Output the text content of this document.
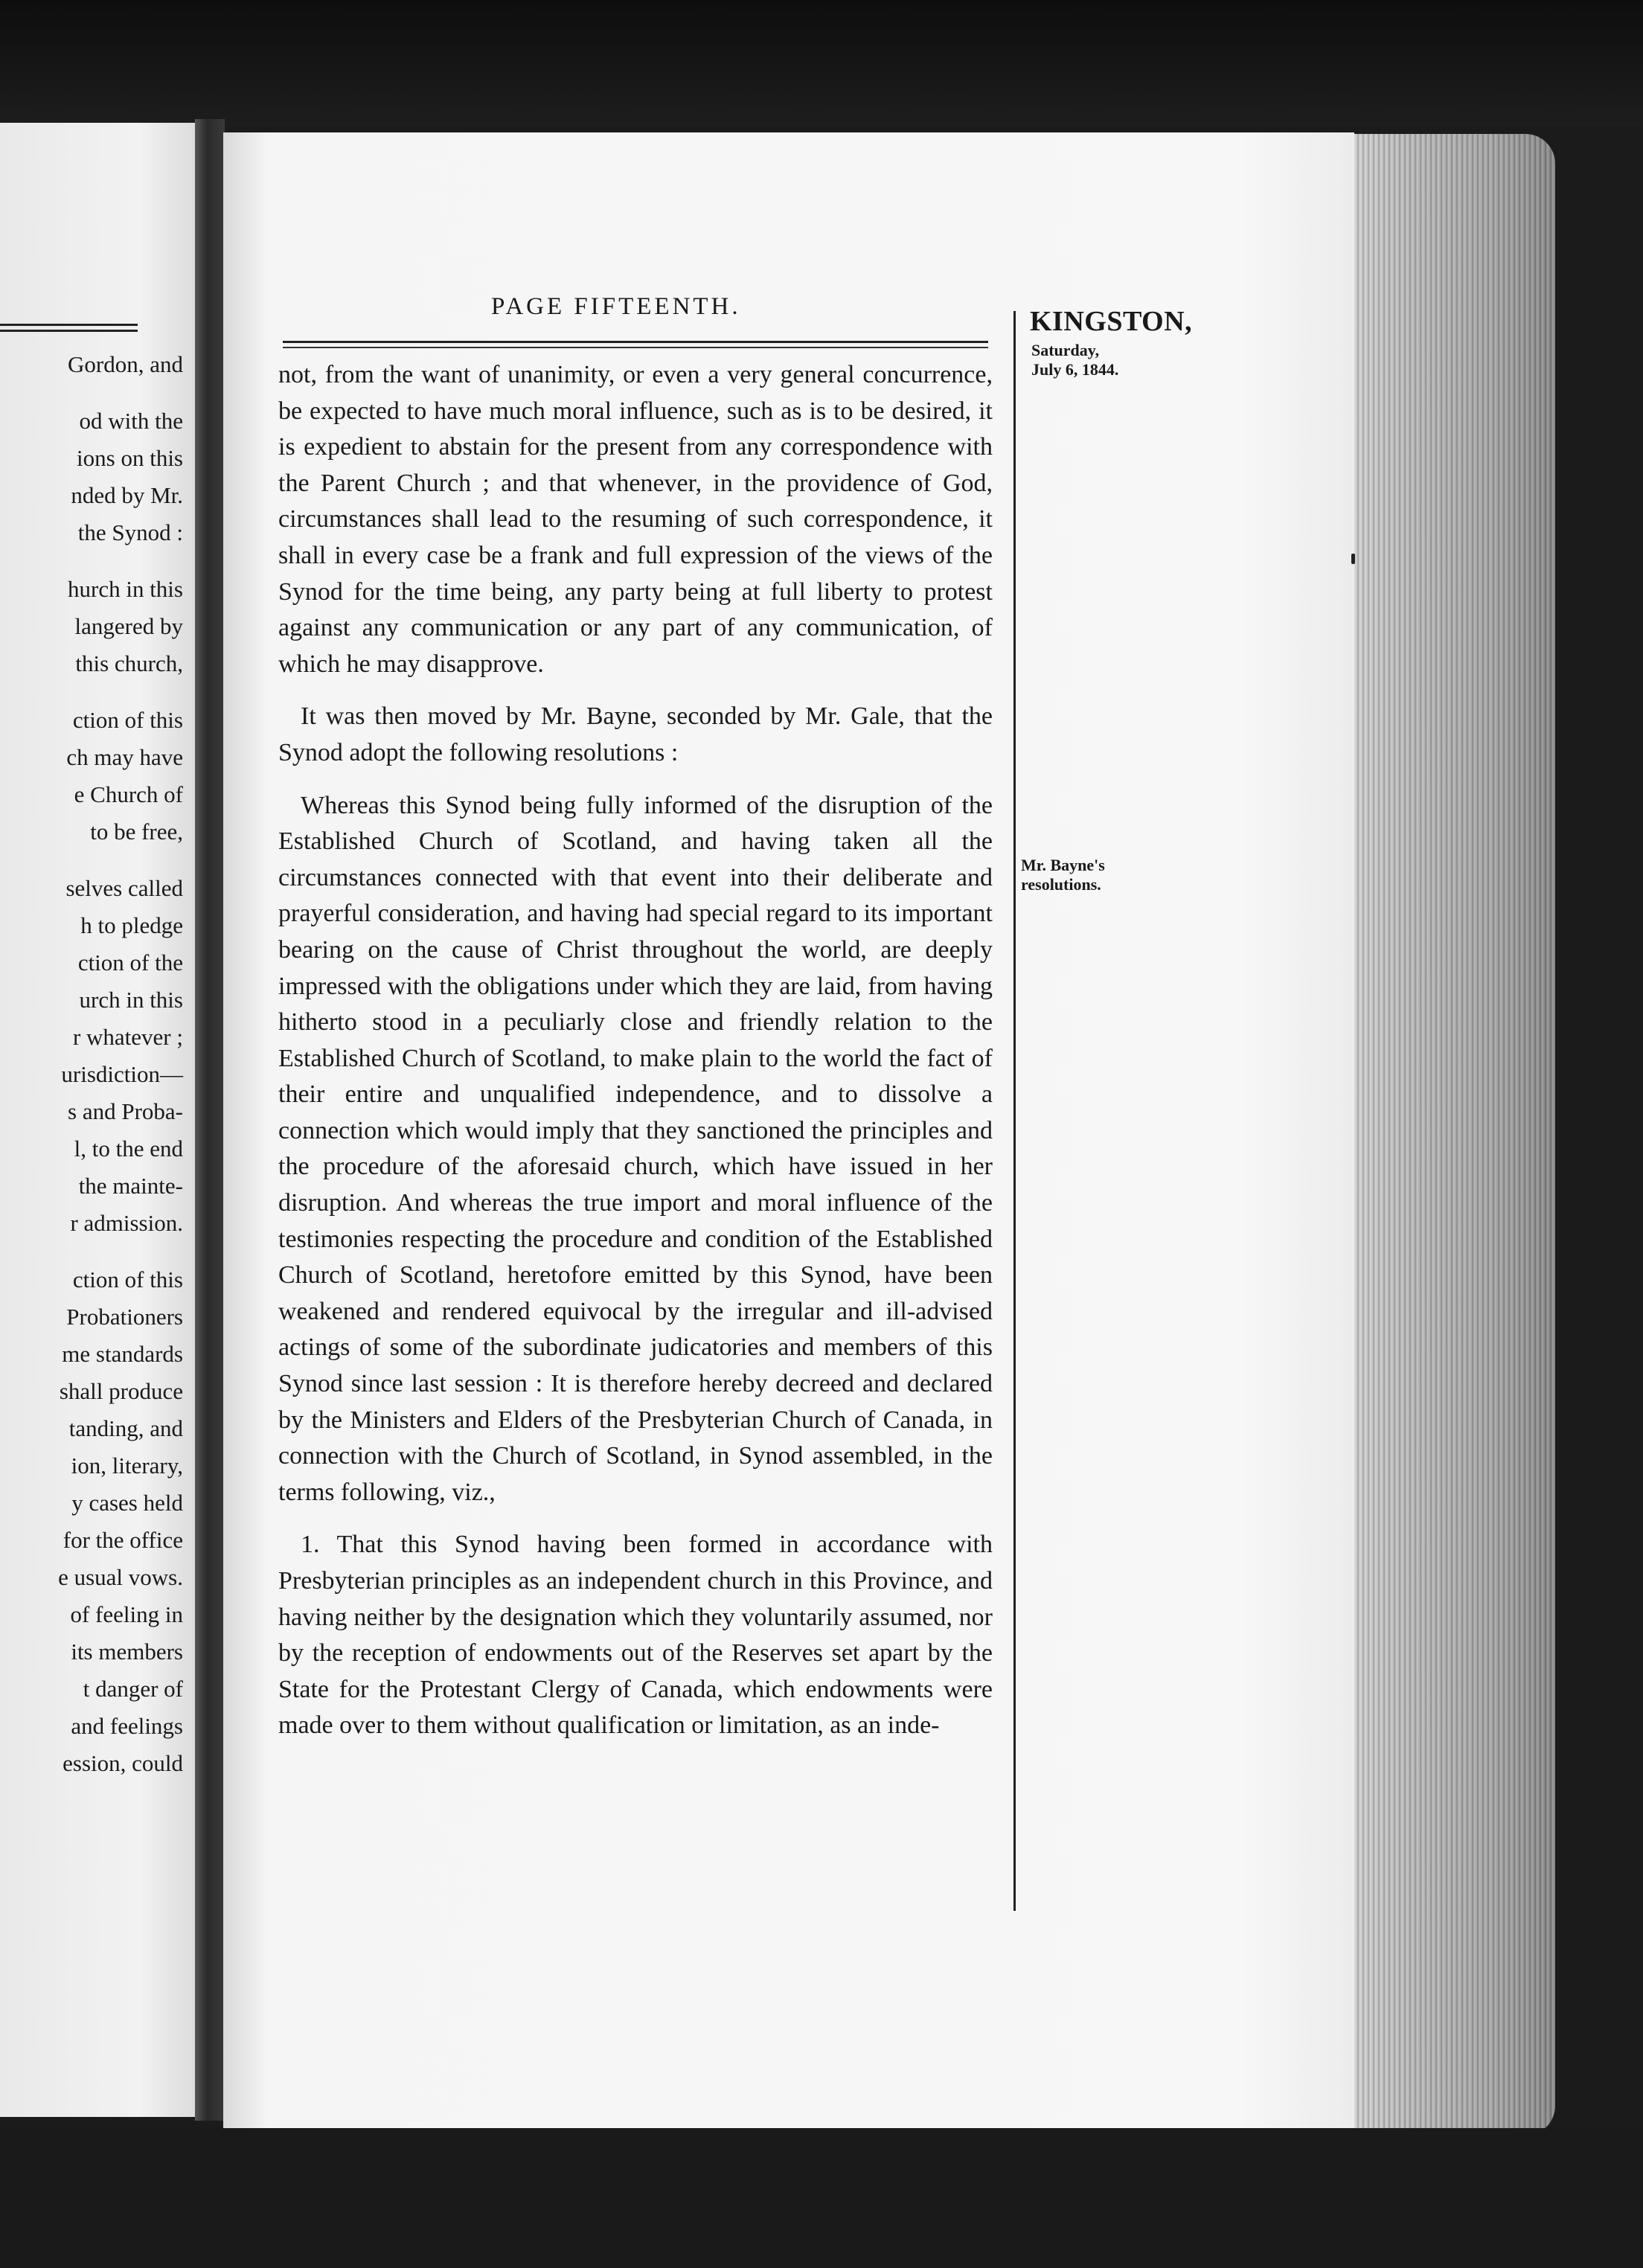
Gordon, and
od with the
ions on this
nded by Mr.
the Synod :
hurch in this
langered by
this church,
ction of this
ch may have
e Church of
to be free,
selves called
h to pledge
ction of the
urch in this
r whatever ;
urisdiction—
s and Proba-
l, to the end
the mainte-
r admission.
ction of this
Probationers
me standards
shall produce
tanding, and
ion, literary,
y cases held
for the office
e usual vows.
of feeling in
its members
t danger of
and feelings
ession, could
PAGE FIFTEENTH.	KINGSTON,
Saturday,
July 6, 1844.
Mr. Bayne's
resolutions.

not, from the want of unanimity, or even a very general concurrence, be expected to have much moral influence, such as is to be desired, it is expedient to abstain for the present from any correspondence with the Parent Church ; and that whenever, in the providence of God, circumstances shall lead to the resuming of such correspondence, it shall in every case be a frank and full expression of the views of the Synod for the time being, any party being at full liberty to protest against any communication or any part of any communication, of which he may disapprove.

It was then moved by Mr. Bayne, seconded by Mr. Gale, that the Synod adopt the following resolutions :

Whereas this Synod being fully informed of the disruption of the Established Church of Scotland, and having taken all the circumstances connected with that event into their deliberate and prayerful consideration, and having had special regard to its important bearing on the cause of Christ throughout the world, are deeply impressed with the obligations under which they are laid, from having hitherto stood in a peculiarly close and friendly relation to the Established Church of Scotland, to make plain to the world the fact of their entire and unqualified independence, and to dissolve a connection which would imply that they sanctioned the principles and the procedure of the aforesaid church, which have issued in her disruption. And whereas the true import and moral influence of the testimonies respecting the procedure and condition of the Established Church of Scotland, heretofore emitted by this Synod, have been weakened and rendered equivocal by the irregular and ill-advised actings of some of the subordinate judicatories and members of this Synod since last session : It is therefore hereby decreed and declared by the Ministers and Elders of the Presbyterian Church of Canada, in connection with the Church of Scotland, in Synod assembled, in the terms following, viz.,

1. That this Synod having been formed in accordance with Presbyterian principles as an independent church in this Province, and having neither by the designation which they voluntarily assumed, nor by the reception of endowments out of the Reserves set apart by the State for the Protestant Clergy of Canada, which endowments were made over to them without qualification or limitation, as an inde-
